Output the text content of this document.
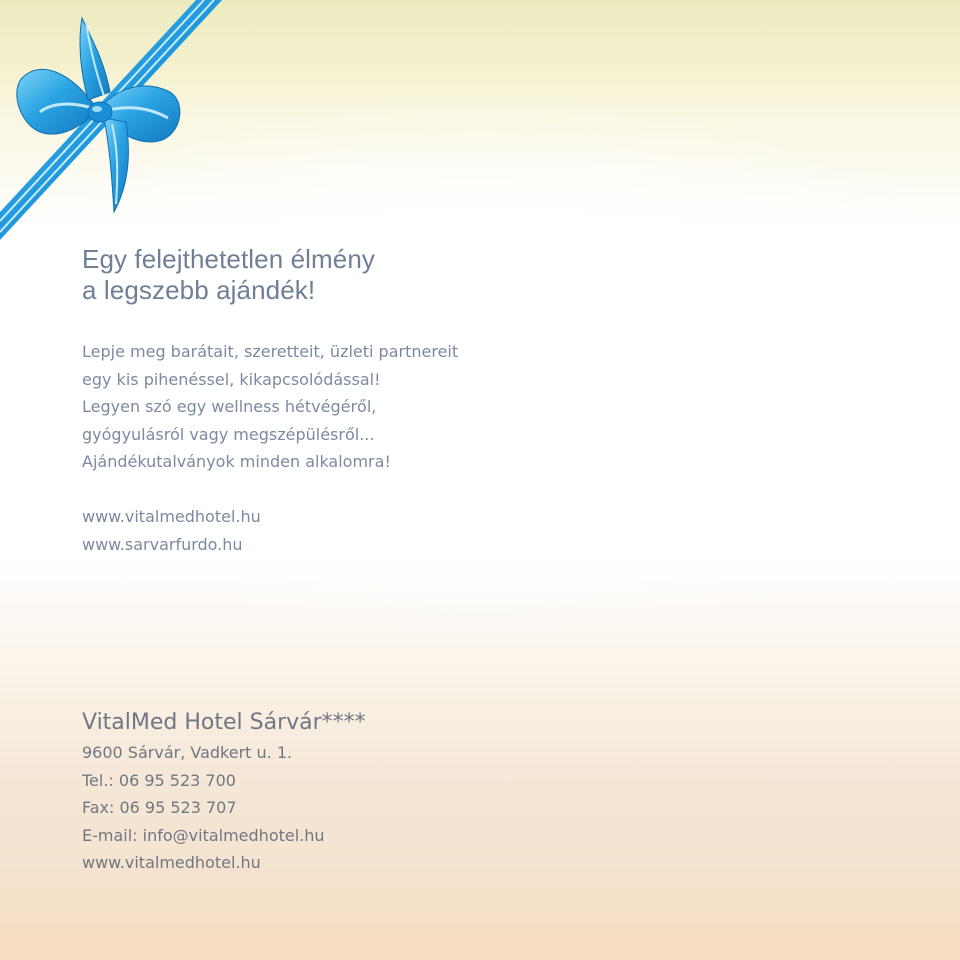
Egy felejthetetlen élmény
a legszebb ajándék!

Lepje meg barátait, szeretteit, üzleti partnereit
egy kis pihenéssel, kikapcsolódással!
Legyen szó egy wellness hétvégéről,
gyógyulásról vagy megszépülésről...
Ajándékutalványok minden alkalomra!

www.vitalmedhotel.hu
www.sarvarfurdo.hu
VitalMed Hotel Sárvár****
9600 Sárvár, Vadkert u. 1.
Tel.: 06 95 523 700
Fax: 06 95 523 707
E-mail: info@vitalmedhotel.hu
www.vitalmedhotel.hu
